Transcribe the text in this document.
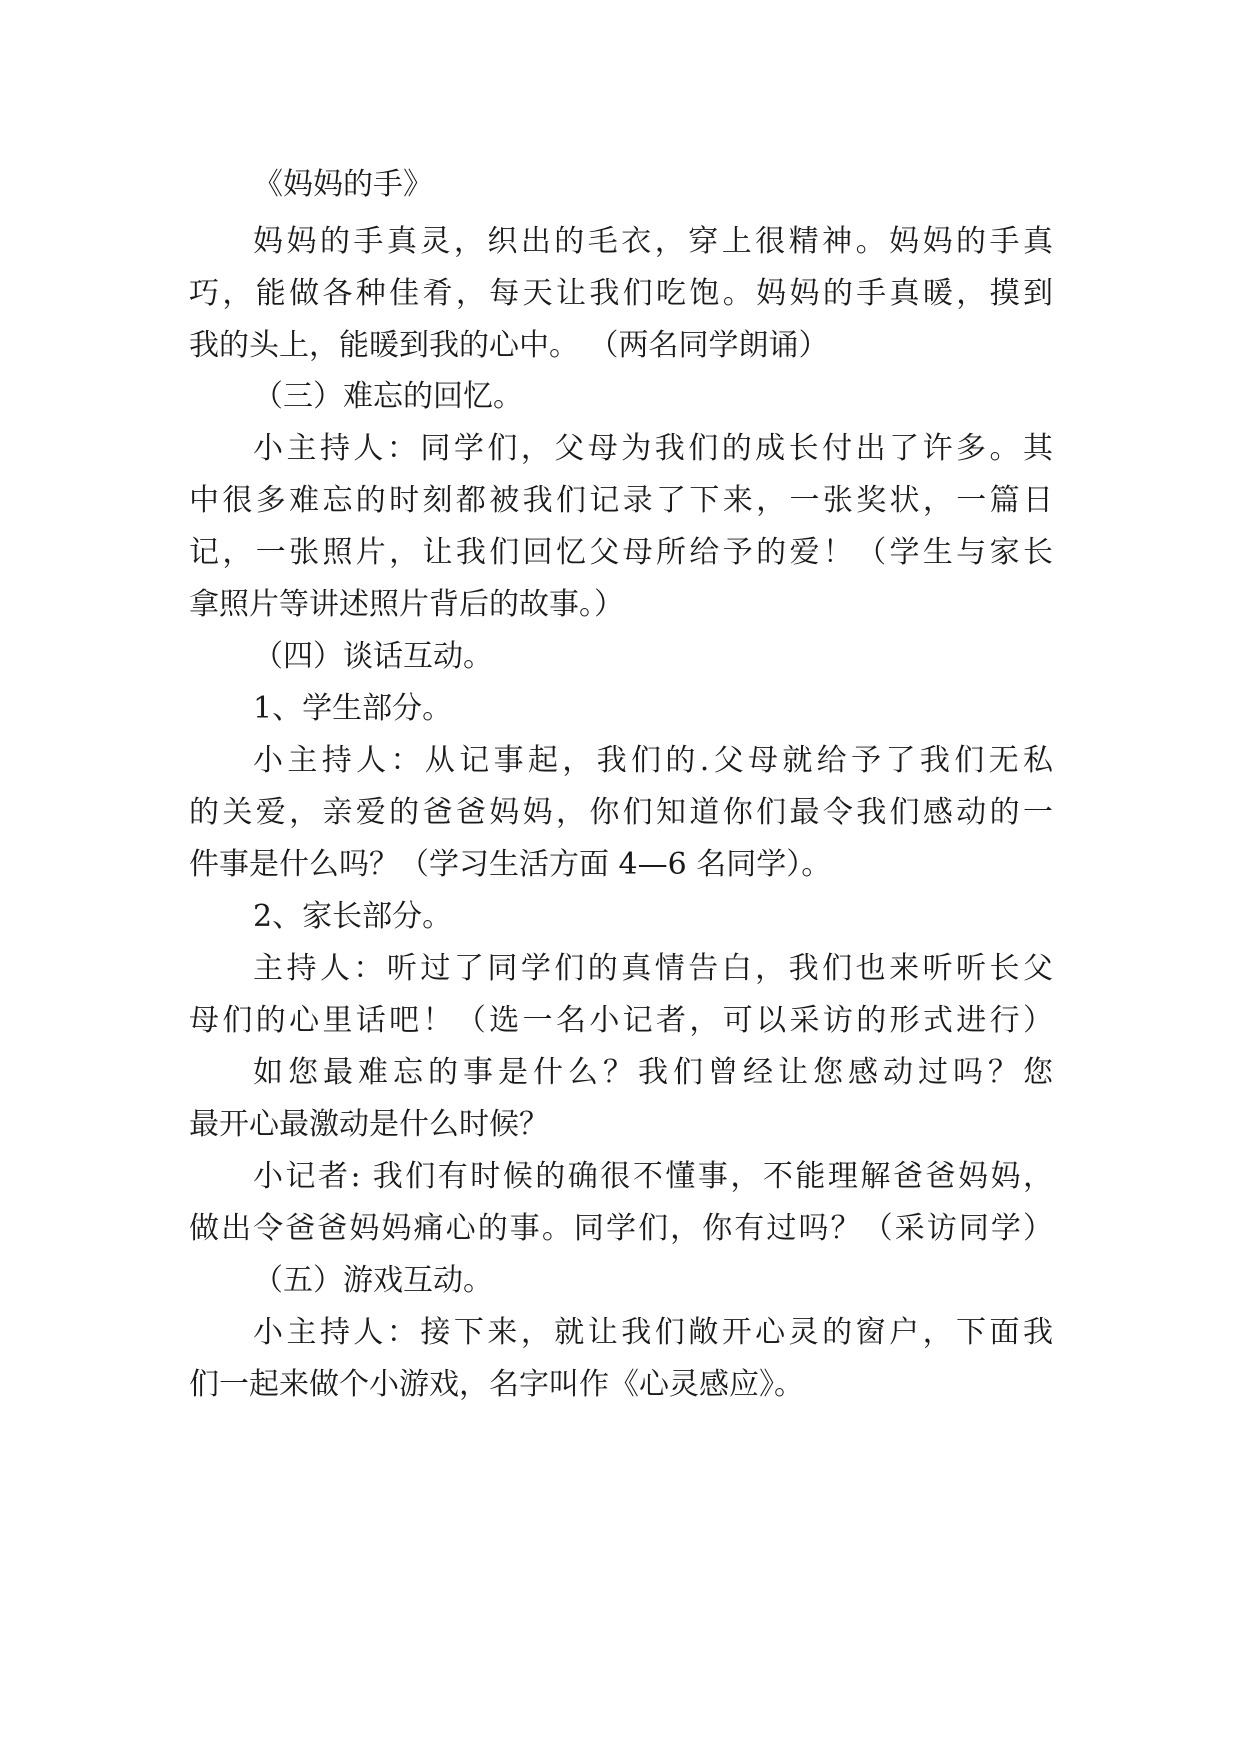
《妈妈的手》
妈妈的手真灵，织出的毛衣，穿上很精神。妈妈的手真
巧，能做各种佳肴，每天让我们吃饱。妈妈的手真暖，摸到
我的头上，能暖到我的心中。 （两名同学朗诵）
（三）难忘的回忆。
小主持人：同学们，父母为我们的成长付出了许多。其
中很多难忘的时刻都被我们记录了下来，一张奖状，一篇日
记，一张照片，让我们回忆父母所给予的爱！（学生与家长
拿照片等讲述照片背后的故事。）
（四）谈话互动。
1、学生部分。
小主持人：从记事起，我们的.父母就给予了我们无私
的关爱，亲爱的爸爸妈妈，你们知道你们最令我们感动的一
件事是什么吗？（学习生活方面 4—6 名同学）。
2、家长部分。
主持人：听过了同学们的真情告白，我们也来听听长父
母们的心里话吧！（选一名小记者，可以采访的形式进行）
如您最难忘的事是什么？我们曾经让您感动过吗？您
最开心最激动是什么时候？
小记者: 我们有时候的确很不懂事，不能理解爸爸妈妈，
做出令爸爸妈妈痛心的事。同学们，你有过吗？（采访同学）
（五）游戏互动。
小主持人：接下来，就让我们敞开心灵的窗户，下面我
们一起来做个小游戏，名字叫作《心灵感应》。
